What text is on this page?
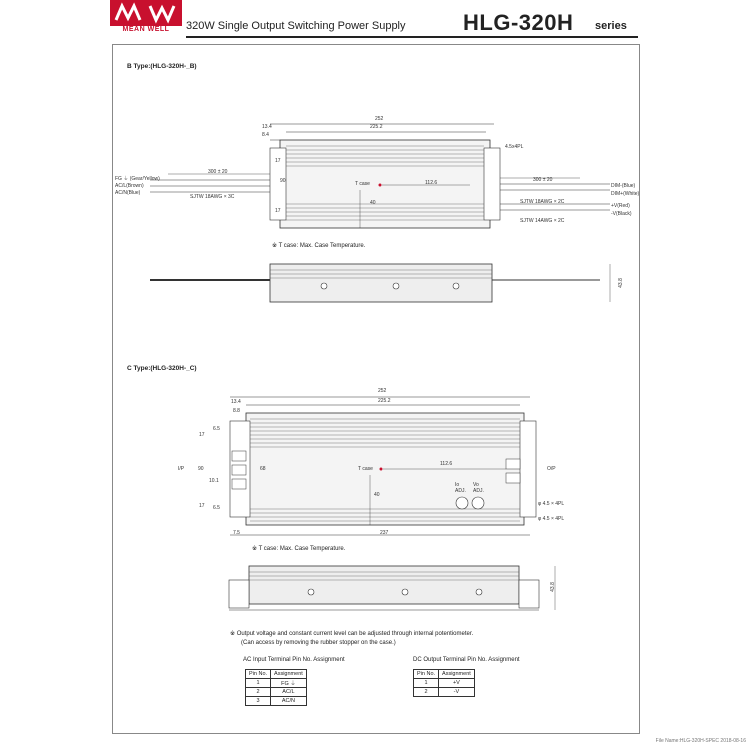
MEAN WELL	320W Single Output Switching Power Supply	HLG-320H series
B Type:(HLG-320H-_B)
252
225.2
13.4
8.4
4.5x4PL
90
40
17
17
T case	112.6
300 ± 20
300 ± 20
FG ⏚ (Gear/Yellow)
AC/L(Brown)
AC/N(Blue)
SJTW 18AWG × 3C
DIM-(Blue)
DIM+(White)
+V(Red)
-V(Black)
SJTW 18AWG × 2C
SJTW 14AWG × 2C
※ T case: Max. Case Temperature.
43.8
C Type:(HLG-320H-_C)
252
225.2
13.4
8.8
17
6.5
90	68
10.1
17 6.5
I/P	O/P
T case
112.6
40
Io ADJ.
Vo ADJ.
φ 4.5 × 4PL
φ 4.5 × 4PL
237
7.5
※ T case: Max. Case Temperature.
43.8
※ Output voltage and constant current level can be adjusted through internal potentiometer.
(Can access by removing the rubber stopper on the case.)
AC Input Terminal Pin No. Assignment
Pin No.	Assignment
1	FG ⏚
2	AC/L
3	AC/N
DC Output Terminal Pin No. Assignment
Pin No.	Assignment
1	+V
2	-V
File Name:HLG-320H-SPEC 2018-08-16
